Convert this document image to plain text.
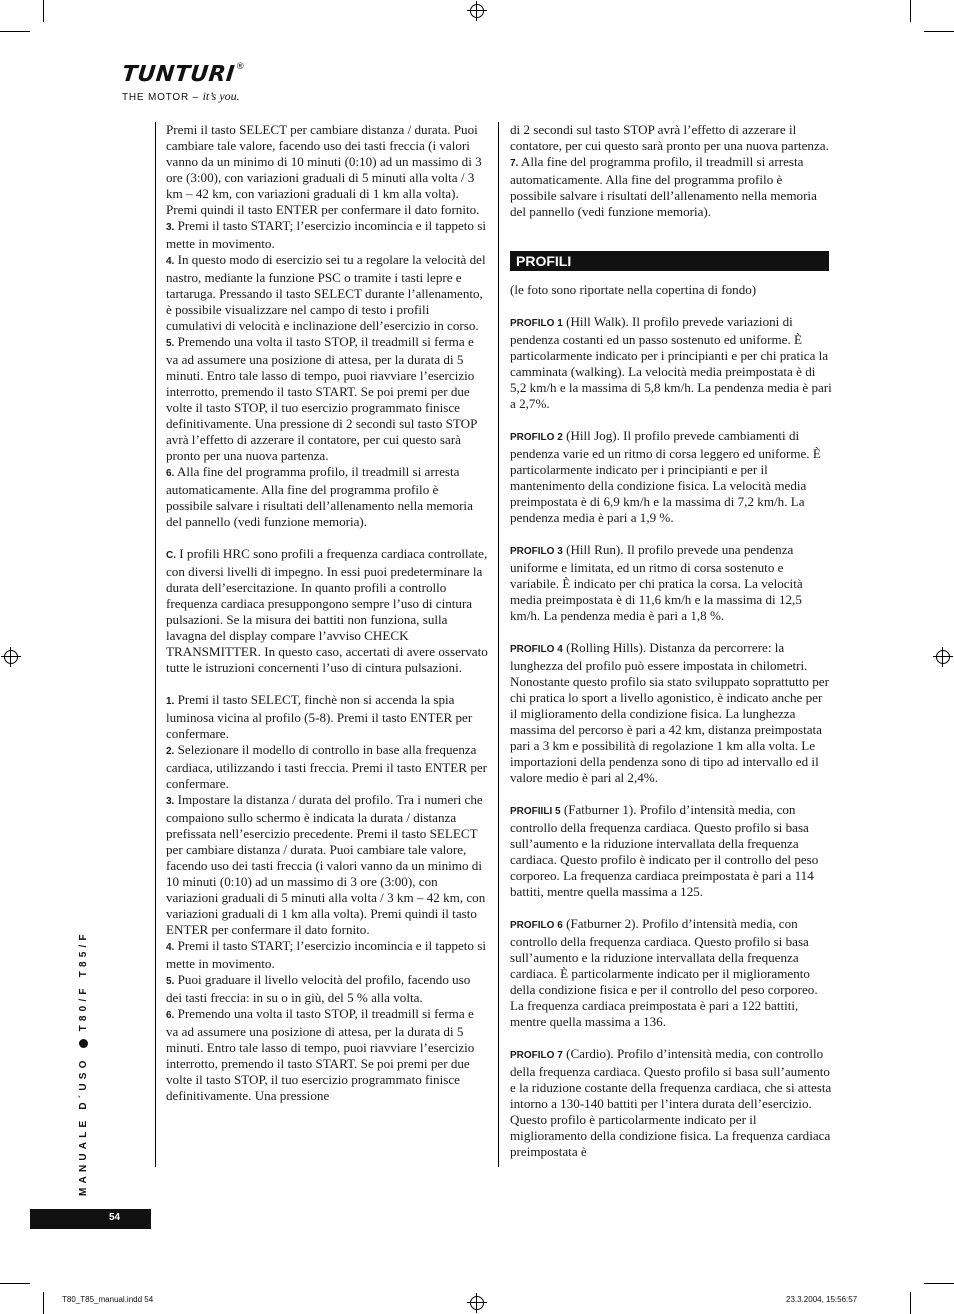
TUNTURI®
THE MOTOR – it’s you.

Premi il tasto SELECT per cambiare distanza / durata. Puoi cambiare tale valore, facendo uso dei tasti freccia (i valori vanno da un minimo di 10 minuti (0:10) ad un massimo di 3 ore (3:00), con variazioni graduali di 5 minuti alla volta / 3 km – 42 km, con variazioni graduali di 1 km alla volta). Premi quindi il tasto ENTER per confermare il dato fornito.

3. Premi il tasto START; l’esercizio incomincia e il tappeto si mette in movimento.

4. In questo modo di esercizio sei tu a regolare la velocità del nastro, mediante la funzione PSC o tramite i tasti lepre e tartaruga. Pressando il tasto SELECT durante l’allenamento, è possibile visualizzare nel campo di testo i profili cumulativi di velocità e inclinazione dell’esercizio in corso.

5. Premendo una volta il tasto STOP, il treadmill si ferma e va ad assumere una posizione di attesa, per la durata di 5 minuti. Entro tale lasso di tempo, puoi riavviare l’esercizio interrotto, premendo il tasto START. Se poi premi per due volte il tasto STOP, il tuo esercizio programmato finisce definitivamente. Una pressione di 2 secondi sul tasto STOP avrà l’effetto di azzerare il contatore, per cui questo sarà pronto per una nuova partenza.

6. Alla fine del programma profilo, il treadmill si arresta automaticamente. Alla fine del programma profilo è possibile salvare i risultati dell’allenamento nella memoria del pannello (vedi funzione memoria).

C. I profili HRC sono profili a frequenza cardiaca controllate, con diversi livelli di impegno. In essi puoi predeterminare la durata dell’esercitazione. In quanto profili a controllo frequenza cardiaca presuppongono sempre l’uso di cintura pulsazioni. Se la misura dei battiti non funziona, sulla lavagna del display compare l’avviso CHECK TRANSMITTER. In questo caso, accertati di avere osservato tutte le istruzioni concernenti l’uso di cintura pulsazioni.

1. Premi il tasto SELECT, finchè non si accenda la spia luminosa vicina al profilo (5-8). Premi il tasto ENTER per confermare.

2. Selezionare il modello di controllo in base alla frequenza cardiaca, utilizzando i tasti freccia. Premi il tasto ENTER per confermare.

3. Impostare la distanza / durata del profilo. Tra i numeri che compaiono sullo schermo è indicata la durata / distanza prefissata nell’esercizio precedente. Premi il tasto SELECT per cambiare distanza / durata. Puoi cambiare tale valore, facendo uso dei tasti freccia (i valori vanno da un minimo di 10 minuti (0:10) ad un massimo di 3 ore (3:00), con variazioni graduali di 5 minuti alla volta / 3 km – 42 km, con variazioni graduali di 1 km alla volta). Premi quindi il tasto ENTER per confermare il dato fornito.

4. Premi il tasto START; l’esercizio incomincia e il tappeto si mette in movimento.

5. Puoi graduare il livello velocità del profilo, facendo uso dei tasti freccia: in su o in giù, del 5 % alla volta.

6. Premendo una volta il tasto STOP, il treadmill si ferma e va ad assumere una posizione di attesa, per la durata di 5 minuti. Entro tale lasso di tempo, puoi riavviare l’esercizio interrotto, premendo il tasto START. Se poi premi per due volte il tasto STOP, il tuo esercizio programmato finisce definitivamente. Una pressione

di 2 secondi sul tasto STOP avrà l’effetto di azzerare il contatore, per cui questo sarà pronto per una nuova partenza.

7. Alla fine del programma profilo, il treadmill si arresta automaticamente. Alla fine del programma profilo è possibile salvare i risultati dell’allenamento nella memoria del pannello (vedi funzione memoria).

PROFILI

(le foto sono riportate nella copertina di fondo)

PROFILO 1 (Hill Walk). Il profilo prevede variazioni di pendenza costanti ed un passo sostenuto ed uniforme. È particolarmente indicato per i principianti e per chi pratica la camminata (walking). La velocità media preimpostata è di 5,2 km/h e la massima di 5,8 km/h. La pendenza media è pari a 2,7%.

PROFILO 2 (Hill Jog). Il profilo prevede cambiamenti di pendenza varie ed un ritmo di corsa leggero ed uniforme. È particolarmente indicato per i principianti e per il mantenimento della condizione fisica. La velocità media preimpostata è di 6,9 km/h e la massima di 7,2 km/h. La pendenza media è pari a 1,9 %.

PROFILO 3 (Hill Run). Il profilo prevede una pendenza uniforme e limitata, ed un ritmo di corsa sostenuto e variabile. È indicato per chi pratica la corsa. La velocità media preimpostata è di 11,6 km/h e la massima di 12,5 km/h. La pendenza media è pari a 1,8 %.

PROFILO 4 (Rolling Hills). Distanza da percorrere: la lunghezza del profilo può essere impostata in chilometri. Nonostante questo profilo sia stato sviluppato soprattutto per chi pratica lo sport a livello agonistico, è indicato anche per il miglioramento della condizione fisica. La lunghezza massima del percorso è pari a 42 km, distanza preimpostata pari a 3 km e possibilità di regolazione 1 km alla volta. Le importazioni della pendenza sono di tipo ad intervallo ed il valore medio è pari al 2,4%.

PROFIILI 5 (Fatburner 1). Profilo d’intensità media, con controllo della frequenza cardiaca. Questo profilo si basa sull’aumento e la riduzione intervallata della frequenza cardiaca. Questo profilo è indicato per il controllo del peso corporeo. La frequenza cardiaca preimpostata è pari a 114 battiti, mentre quella massima a 125.

PROFILO 6 (Fatburner 2). Profilo d’intensità media, con controllo della frequenza cardiaca. Questo profilo si basa sull’aumento e la riduzione intervallata della frequenza cardiaca. È particolarmente indicato per il miglioramento della condizione fisica e per il controllo del peso corporeo. La frequenza cardiaca preimpostata è pari a 122 battiti, mentre quella massima a 136.

PROFILO 7 (Cardio). Profilo d’intensità media, con controllo della frequenza cardiaca. Questo profilo si basa sull’aumento e la riduzione costante della frequenza cardiaca, che si attesta intorno a 130-140 battiti per l’intera durata dell’esercizio. Questo profilo è particolarmente indicato per il miglioramento della condizione fisica. La frequenza cardiaca preimpostata è

MANUALE D´USOT80/F T85/F
54
T80_T85_manual.indd 54	23.3.2004, 15:56:57
